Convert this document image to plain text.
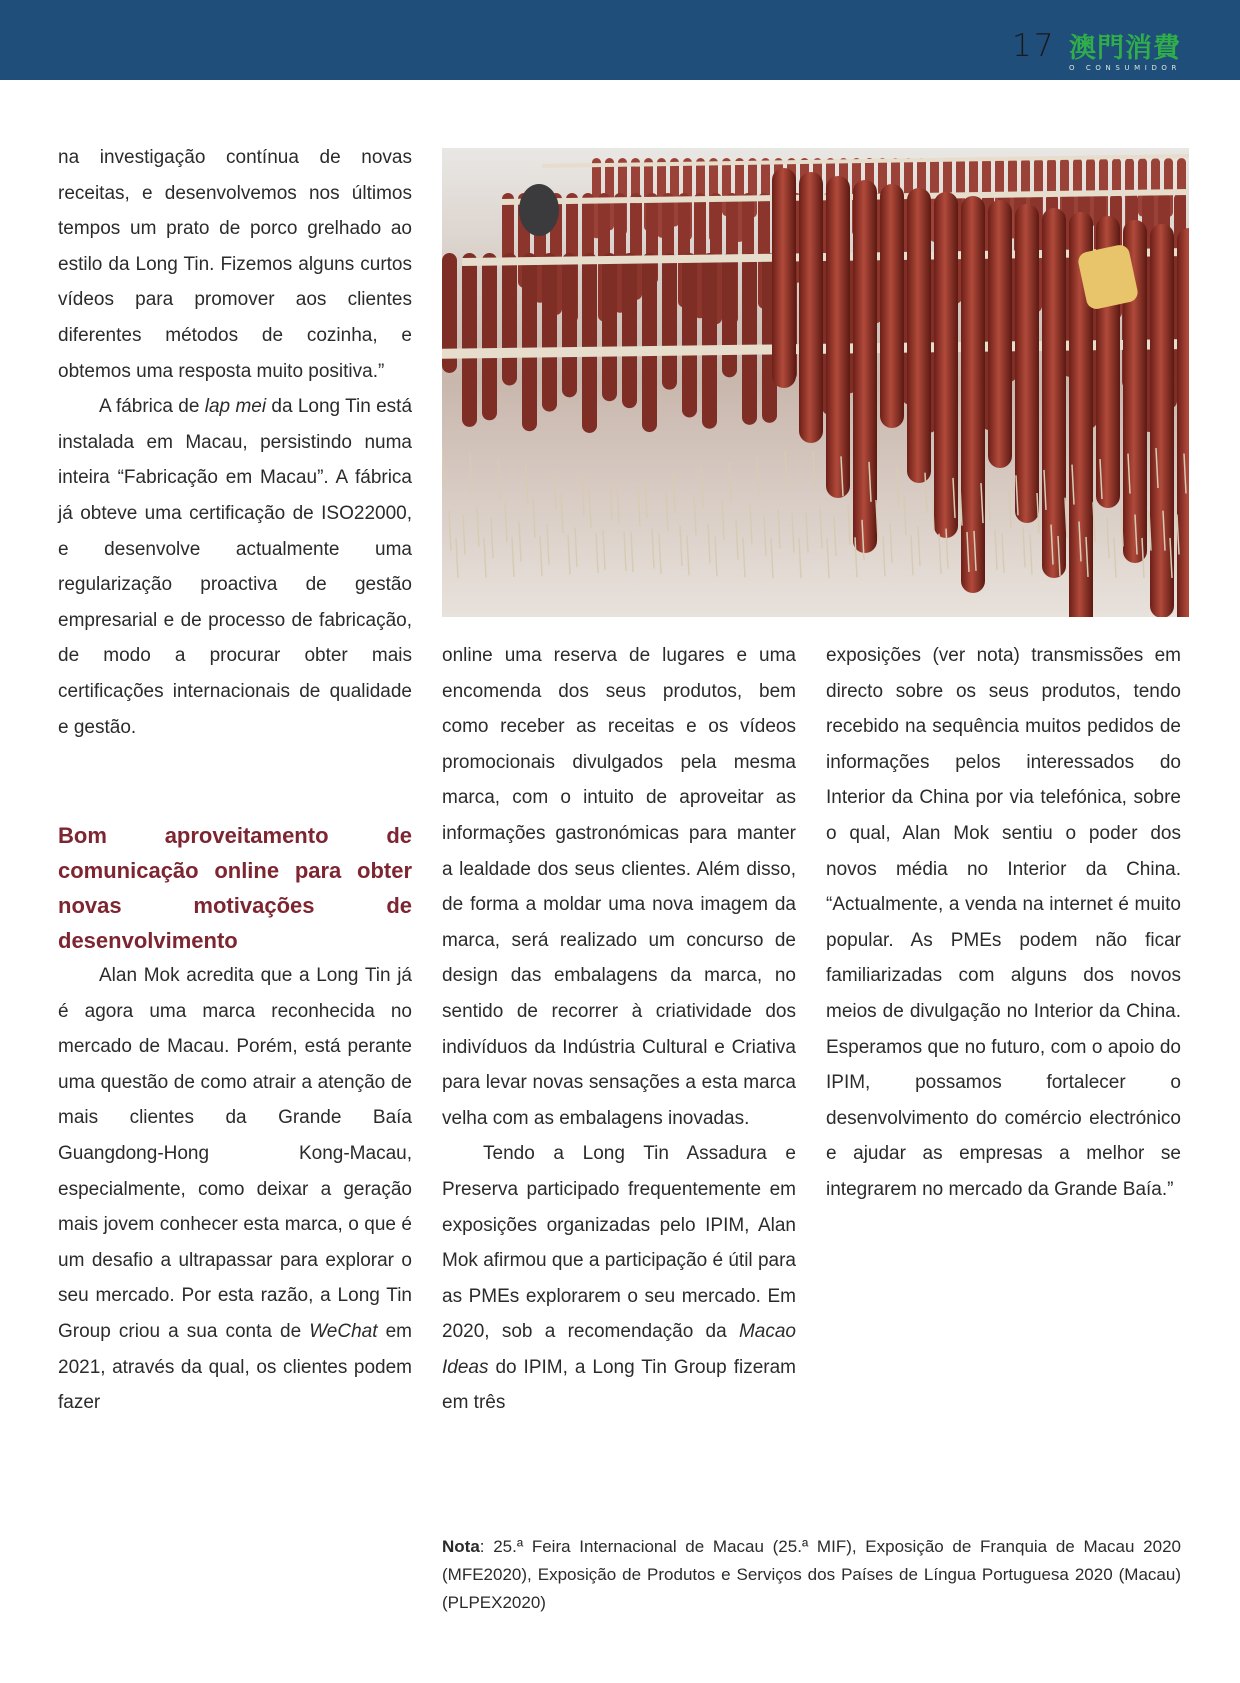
17 澳門消費
O CONSUMIDOR

na investigação contínua de novas receitas, e desenvolvemos nos últimos tempos um prato de porco grelhado ao estilo da Long Tin. Fizemos alguns curtos vídeos para promover aos clientes diferentes métodos de cozinha, e obtemos uma resposta muito positiva.”

A fábrica de lap mei da Long Tin está instalada em Macau, persistindo numa inteira “Fabricação em Macau”. A fábrica já obteve uma certificação de ISO22000, e desenvolve actualmente uma regularização proactiva de gestão empresarial e de processo de fabricação, de modo a procurar obter mais certificações internacionais de qualidade e gestão.

Bom aproveitamento de comunicação online para obter novas motivações de desenvolvimento

Alan Mok acredita que a Long Tin já é agora uma marca reconhecida no mercado de Macau. Porém, está perante uma questão de como atrair a atenção de mais clientes da Grande Baía Guangdong-Hong Kong-Macau, especialmente, como deixar a geração mais jovem conhecer esta marca, o que é um desafio a ultrapassar para explorar o seu mercado. Por esta razão, a Long Tin Group criou a sua conta de WeChat em 2021, através da qual, os clientes podem fazer

online uma reserva de lugares e uma encomenda dos seus produtos, bem como receber as receitas e os vídeos promocionais divulgados pela mesma marca, com o intuito de aproveitar as informações gastronómicas para manter a lealdade dos seus clientes. Além disso, de forma a moldar uma nova imagem da marca, será realizado um concurso de design das embalagens da marca, no sentido de recorrer à criatividade dos indivíduos da Indústria Cultural e Criativa para levar novas sensações a esta marca velha com as embalagens inovadas.

Tendo a Long Tin Assadura e Preserva participado frequentemente em exposições organizadas pelo IPIM, Alan Mok afirmou que a participação é útil para as PMEs explorarem o seu mercado. Em 2020, sob a recomendação da Macao Ideas do IPIM, a Long Tin Group fizeram em três

exposições (ver nota) transmissões em directo sobre os seus produtos, tendo recebido na sequência muitos pedidos de informações pelos interessados do Interior da China por via telefónica, sobre o qual, Alan Mok sentiu o poder dos novos média no Interior da China. “Actualmente, a venda na internet é muito popular. As PMEs podem não ficar familiarizadas com alguns dos novos meios de divulgação no Interior da China. Esperamos que no futuro, com o apoio do IPIM, possamos fortalecer o desenvolvimento do comércio electrónico e ajudar as empresas a melhor se integrarem no mercado da Grande Baía.”

Nota: 25.ª Feira Internacional de Macau (25.ª MIF), Exposição de Franquia de Macau 2020 (MFE2020), Exposição de Produtos e Serviços dos Países de Língua Portuguesa 2020 (Macau) (PLPEX2020)
